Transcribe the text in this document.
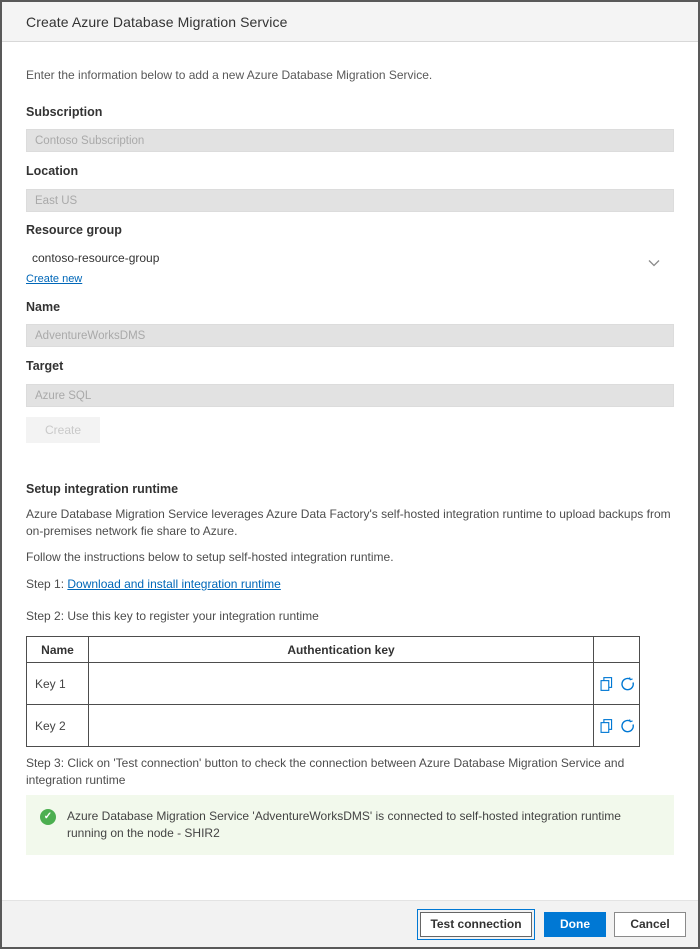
Create Azure Database Migration Service
Enter the information below to add a new Azure Database Migration Service.
Subscription
Contoso Subscription
Location
East US
Resource group
contoso-resource-group
Create new
Name
AdventureWorksDMS
Target
Azure SQL
Create
Setup integration runtime
Azure Database Migration Service leverages Azure Data Factory's self-hosted integration runtime to upload backups from on-premises network fie share to Azure.
Follow the instructions below to setup self-hosted integration runtime.
Step 1: Download and install integration runtime
Step 2: Use this key to register your integration runtime
Name	Authentication key	
Key 1		
Key 2		
Step 3: Click on 'Test connection' button to check the connection between Azure Database Migration Service and integration runtime
✓	Azure Database Migration Service 'AdventureWorksDMS' is connected to self-hosted integration runtime running on the node - SHIR2
Test connection	Done	Cancel
